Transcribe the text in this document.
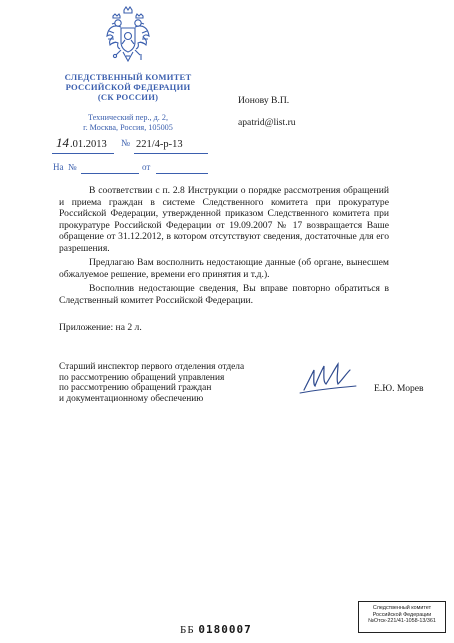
СЛЕДСТВЕННЫЙ КОМИТЕТ
РОССИЙСКОЙ ФЕДЕРАЦИИ
(СК РОССИИ)
Технический пер., д. 2,
г. Москва, Россия, 105005
14 .01.2013 № 221/4-р-13
На №	от
Ионову В.П.
apatrid@list.ru

В соответствии с п. 2.8 Инструкции о порядке рассмотрения обращений и приема граждан в системе Следственного комитета при прокуратуре Российской Федерации, утвержденной приказом Следственного комитета при прокуратуре Российской Федерации от 19.09.2007 № 17 возвращается Ваше обращение от 31.12.2012, в котором отсутствуют сведения, достаточные для его разрешения.

Предлагаю Вам восполнить недостающие данные (об органе, вынесшем обжалуемое решение, времени его принятия и т.д.).

Восполнив недостающие сведения, Вы вправе повторно обратиться в Следственный комитет Российской Федерации.

Приложение: на 2 л.
Старший инспектор первого отделения отдела
по рассмотрению обращений управления
по рассмотрению обращений граждан
и документационному обеспечению
Е.Ю. Морев
ББ 0180007
Следственный комитет
Российской Федерации
№Отск-221/41-1058-13/361
